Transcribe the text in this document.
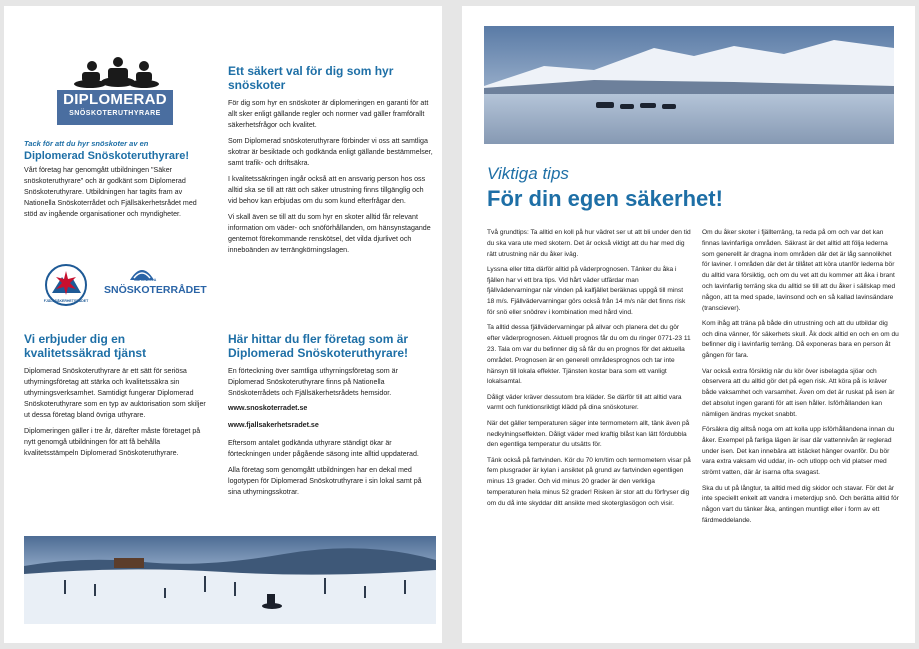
DIPLOMERAD
SNÖSKOTERUTHYRARE

Tack för att du hyr snöskoter av en

Diplomerad Snöskoteruthyrare!

Vårt företag har genomgått utbildningen "Säker snöskoteruthyrare" och är godkänt som Diplomerad Snöskoteruthyrare. Utbildningen har tagits fram av Nationella Snöskoterrådet och Fjällsäkerhetsrådet med stöd av ingående organisationer och myndigheter.

FJÄLLSÄKERHETSRÅDET
NATIONELLA
SNÖSKOTERRÅDET

Vi erbjuder dig en kvalitetssäkrad tjänst

Diplomerad Snöskoteruthyrare är ett sätt för seriösa uthyrningsföretag att stärka och kvalitetssäkra sin uthyrningsverksamhet. Samtidigt fungerar Diplomerad Snöskoteruthyrare som en typ av auktorisation som skiljer ut dessa företag bland övriga uthyrare.

Diplomeringen gäller i tre år, därefter måste företaget på nytt genomgå utbildningen för att få behålla kvalitetsstämpeln Diplomerad Snöskoteruthyrare.

Ett säkert val för dig som hyr snöskoter

För dig som hyr en snöskoter är diplomeringen en garanti för att allt sker enligt gällande regler och normer vad gäller framförallt säkerhetsfrågor och kvalitet.

Som Diplomerad snöskoteruthyrare förbinder vi oss att samtliga skotrar är besiktade och godkända enligt gällande bestämmelser, samt trafik- och driftsäkra.

I kvalitetssäkringen ingår också att en ansvarig person hos oss alltid ska se till att rätt och säker utrustning finns tillgänglig och vid behov kan erbjudas om du som kund efterfrågar den.

Vi skall även se till att du som hyr en skoter alltid får relevant information om väder- och snöförhållanden, om hänsynstagande gentemot förekommande renskötsel, det vilda djurlivet och inneboänden av terrängkörningslagen.

Här hittar du fler företag som är Diplomerad Snöskoteruthyrare!

En förteckning över samtliga uthyrningsföretag som är Diplomerad Snöskoteruthyrare finns på Nationella Snöskoterrådets och Fjällsäkerhetsrådets hemsidor.

www.snoskoterradet.se

www.fjallsakerhetsradet.se

Eftersom antalet godkända uthyrare ständigt ökar är förteckningen under pågående säsong inte alltid uppdaterad.

Alla företag som genomgått utbildningen har en dekal med logotypen för Diplomerad Snöskotruthyrare i sin lokal samt på sina uthyrningsskotrar.

Viktiga tips
För din egen säkerhet!

Två grundtips: Ta alltid en koll på hur vädret ser ut att bli under den tid du ska vara ute med skotern. Det är också viktigt att du har med dig rätt utrustning när du åker iväg.

Lyssna eller titta därför alltid på väderprognosen. Tänker du åka i fjällen har vi ett bra tips. Vid hårt väder utfärdar man fjällvädervarningar när vinden på kalfjället beräknas uppgå till minst 18 m/s. Fjällvädervarningar görs också från 14 m/s när det finns risk för snö eller snödrev i kombination med hård vind.

Ta alltid dessa fjällvädervarningar på allvar och planera det du gör efter väderprognosen. Aktuell prognos får du om du ringer 0771-23 11 23. Tala om var du befinner dig så får du en prognos för det aktuella området. Prognosen är en generell områdesprognos och tar inte hänsyn till lokala effekter. Tjänsten kostar bara som ett vanligt lokalsamtal.

Dåligt väder kräver dessutom bra kläder. Se därför till att alltid vara varmt och funktionsriktigt klädd på dina snöskoturer.

När det gäller temperaturen säger inte termometern allt, tänk även på nedkylningseffekten. Dåligt väder med kraftig blåst kan lätt fördubbla den egentliga temperatur du utsätts för.

Tänk också på fartvinden. Kör du 70 km/tim och termometern visar på fem plusgrader är kylan i ansiktet på grund av fartvinden egentligen minus 13 grader. Och vid minus 20 grader är den verkliga temperaturen hela minus 52 grader! Risken är stor att du förfryser dig om du då inte skyddar ditt ansikte med skoterglasögon och visir.

Om du åker skoter i fjällterräng, ta reda på om och var det kan finnas lavinfarliga områden. Säkrast är det alltid att följa lederna som generellt är dragna inom områden där det är låg sannolikhet för laviner. I områden där det är tillåtet att köra utanför lederna bör du alltid vara försiktig, och om du vet att du kommer att åka i brant och lavinfarlig terräng ska du alltid se till att du åker i sällskap med någon, att ta med spade, lavinsond och en så kallad lavinsändare (transciever).

Kom ihåg att träna på både din utrustning och att du utbildar dig och dina vänner, för säkerhets skull. Åk dock alltid en och en om du befinner dig i lavinfarlig terräng. Då exponeras bara en person åt gången för fara.

Var också extra försiktig när du kör över isbelagda sjöar och observera att du alltid gör det på egen risk. Att köra på is kräver både vaksamhet och varsamhet. Även om det är ruskat på isen är det absolut ingen garanti för att isen håller. Isförhållanden kan nämligen ändras mycket snabbt.

Försäkra dig alltså noga om att kolla upp isförhållandena innan du åker. Exempel på farliga lägen är isar där vattennivån är reglerad under isen. Det kan innebära att istäcket hänger ovanför. Du bör vara extra vaksam vid uddar, in- och utlopp och vid platser med strömt vatten, där är isarna ofta svagast.

Ska du ut på långtur, ta alltid med dig skidor och stavar. För det är inte speciellt enkelt att vandra i meterdjup snö. Och berätta alltid för någon vart du tänker åka, antingen muntligt eller i form av ett färdmeddelande.
